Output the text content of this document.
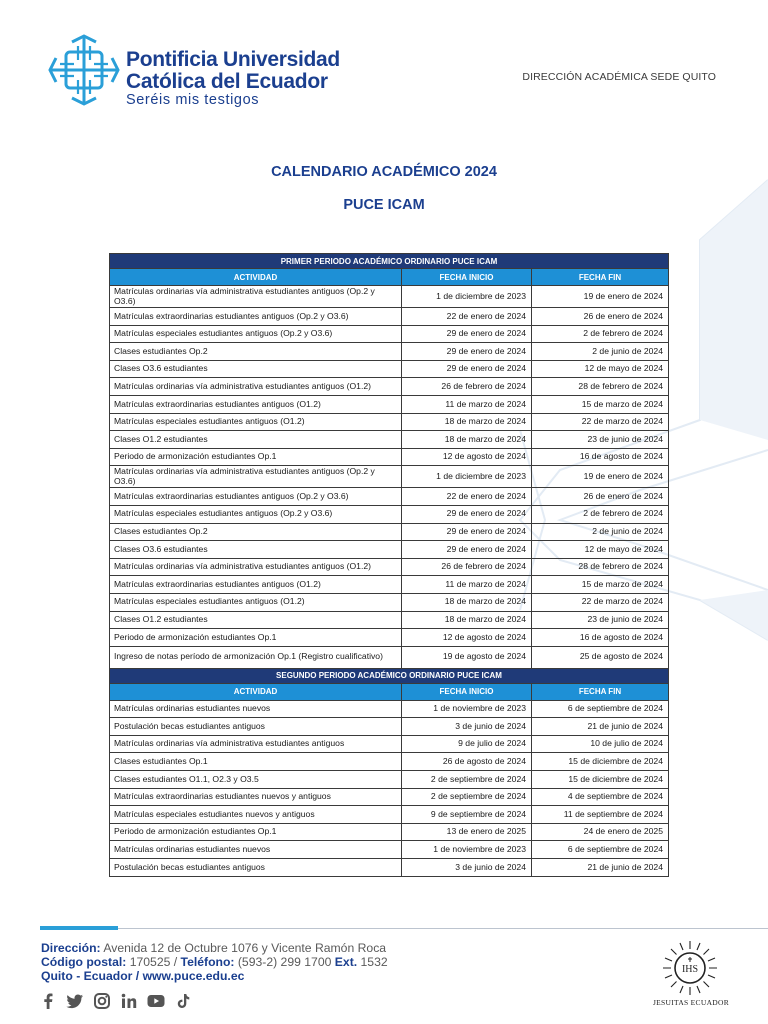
Pontificia Universidad
Católica del Ecuador
Seréis mis testigos
DIRECCIÓN ACADÉMICA SEDE QUITO
CALENDARIO ACADÉMICO 2024
PUCE ICAM
PRIMER PERIODO ACADÉMICO ORDINARIO PUCE ICAM		
ACTIVIDAD	FECHA INICIO	FECHA FIN
Matrículas ordinarias vía administrativa estudiantes antiguos (Op.2 y O3.6)	1 de diciembre de 2023	19 de enero de 2024
Matrículas extraordinarias estudiantes antiguos (Op.2 y O3.6)	22 de enero de 2024	26 de enero de 2024
Matrículas especiales estudiantes antiguos (Op.2 y O3.6)	29 de enero de 2024	2 de febrero de 2024
Clases estudiantes Op.2	29 de enero de 2024	2 de junio de 2024
Clases O3.6 estudiantes	29 de enero de 2024	12 de mayo de 2024
Matrículas ordinarias vía administrativa estudiantes antiguos (O1.2)	26 de febrero de 2024	28 de febrero de 2024
Matrículas extraordinarias estudiantes antiguos (O1.2)	11 de marzo de 2024	15 de marzo de 2024
Matrículas especiales estudiantes antiguos (O1.2)	18 de marzo de 2024	22 de marzo de 2024
Clases O1.2 estudiantes	18 de marzo de 2024	23 de junio de 2024
Periodo de armonización estudiantes Op.1	12 de agosto de 2024	16 de agosto de 2024
Matrículas ordinarias vía administrativa estudiantes antiguos (Op.2 y O3.6)	1 de diciembre de 2023	19 de enero de 2024
Matrículas extraordinarias estudiantes antiguos (Op.2 y O3.6)	22 de enero de 2024	26 de enero de 2024
Matrículas especiales estudiantes antiguos (Op.2 y O3.6)	29 de enero de 2024	2 de febrero de 2024
Clases estudiantes Op.2	29 de enero de 2024	2 de junio de 2024
Clases O3.6 estudiantes	29 de enero de 2024	12 de mayo de 2024
Matrículas ordinarias vía administrativa estudiantes antiguos (O1.2)	26 de febrero de 2024	28 de febrero de 2024
Matrículas extraordinarias estudiantes antiguos (O1.2)	11 de marzo de 2024	15 de marzo de 2024
Matrículas especiales estudiantes antiguos (O1.2)	18 de marzo de 2024	22 de marzo de 2024
Clases O1.2 estudiantes	18 de marzo de 2024	23 de junio de 2024
Periodo de armonización estudiantes Op.1	12 de agosto de 2024	16 de agosto de 2024
Ingreso de notas período de armonización Op.1 (Registro cualificativo)	19 de agosto de 2024	25 de agosto de 2024
SEGUNDO PERIODO ACADÉMICO ORDINARIO PUCE ICAM		
ACTIVIDAD	FECHA INICIO	FECHA FIN
Matrículas ordinarias estudiantes nuevos	1 de noviembre de 2023	6 de septiembre de 2024
Postulación becas estudiantes antiguos	3 de junio de 2024	21 de junio de 2024
Matrículas ordinarias vía administrativa estudiantes antiguos	9 de julio de 2024	10 de julio de 2024
Clases estudiantes Op.1	26 de agosto de 2024	15 de diciembre de 2024
Clases estudiantes O1.1, O2.3 y O3.5	2 de septiembre de 2024	15 de diciembre de 2024
Matrículas extraordinarias estudiantes nuevos y antiguos	2 de septiembre de 2024	4 de septiembre de 2024
Matrículas especiales estudiantes nuevos y antiguos	9 de septiembre de 2024	11 de septiembre de 2024
Periodo de armonización estudiantes Op.1	13 de enero de 2025	24 de enero de 2025
Matrículas ordinarias estudiantes nuevos	1 de noviembre de 2023	6 de septiembre de 2024
Postulación becas estudiantes antiguos	3 de junio de 2024	21 de junio de 2024
Dirección: Avenida 12 de Octubre 1076 y Vicente Ramón Roca
Código postal: 170525 / Teléfono: (593-2) 299 1700 Ext. 1532
Quito - Ecuador / www.puce.edu.ec	IHS
JESUITAS ECUADOR
